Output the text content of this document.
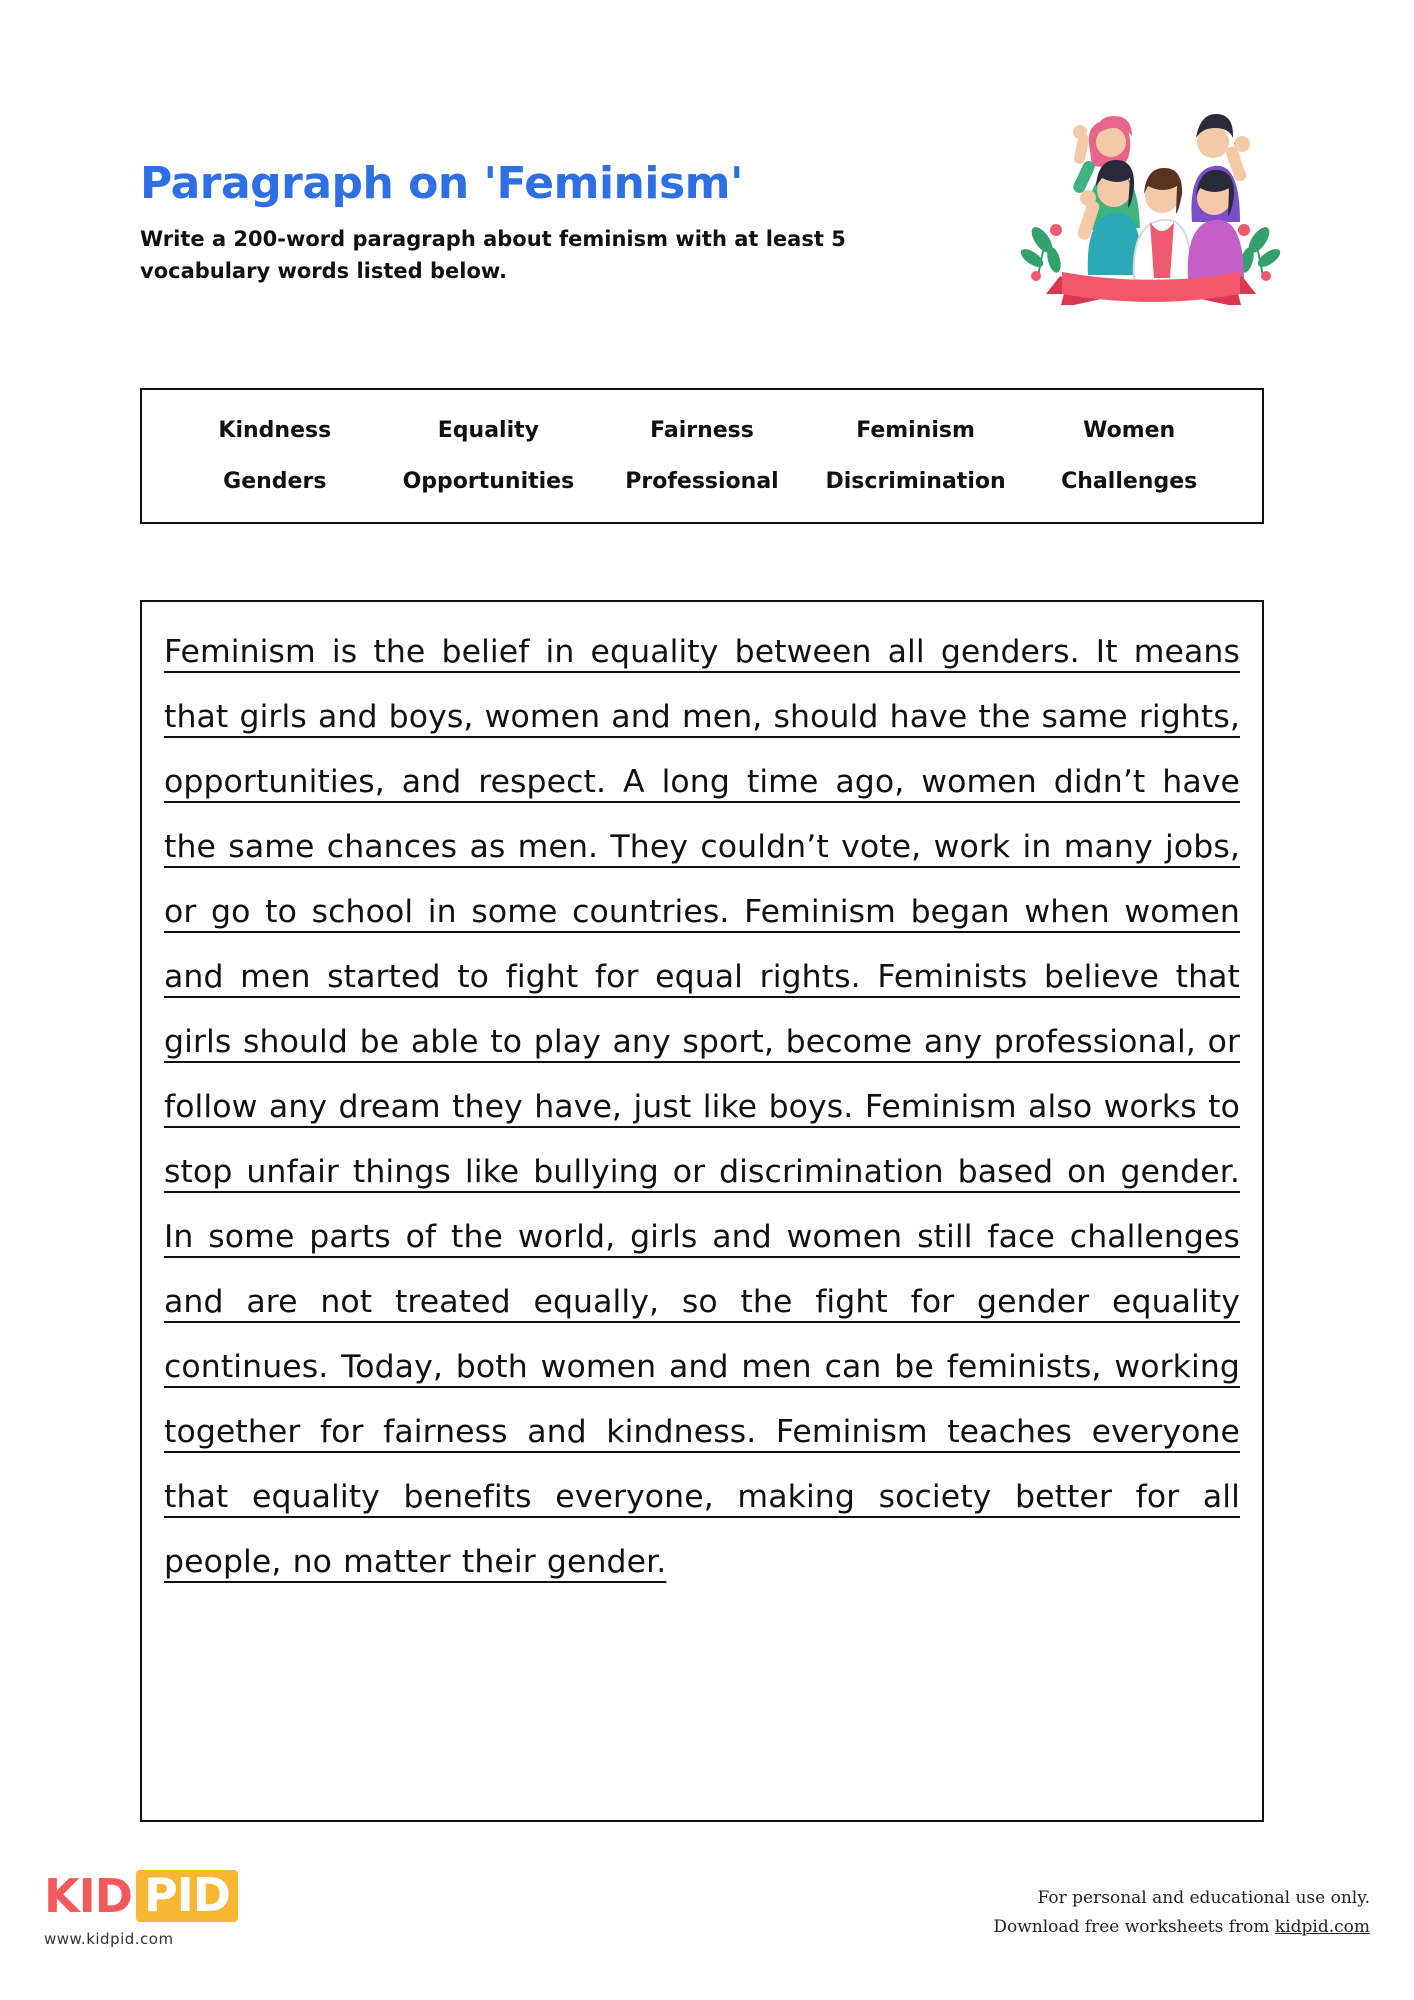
Paragraph on 'Feminism'

Write a 200-word paragraph about feminism with at least 5 vocabulary words listed below.

Kindness	Equality	Fairness	Feminism	Women
Genders	Opportunities	Professional	Discrimination	Challenges

Feminism is the belief in equality between all genders. It means that girls and boys, women and men, should have the same rights, opportunities, and respect. A long time ago, women didn’t have the same chances as men. They couldn’t vote, work in many jobs, or go to school in some countries. Feminism began when women and men started to fight for equal rights. Feminists believe that girls should be able to play any sport, become any professional, or follow any dream they have, just like boys. Feminism also works to stop unfair things like bullying or discrimination based on gender. In some parts of the world, girls and women still face challenges and are not treated equally, so the fight for gender equality continues. Today, both women and men can be feminists, working together for fairness and kindness. Feminism teaches everyone that equality benefits everyone, making society better for all people, no matter their gender.

KID PID
www.kidpid.com
For personal and educational use only.
Download free worksheets from kidpid.com
